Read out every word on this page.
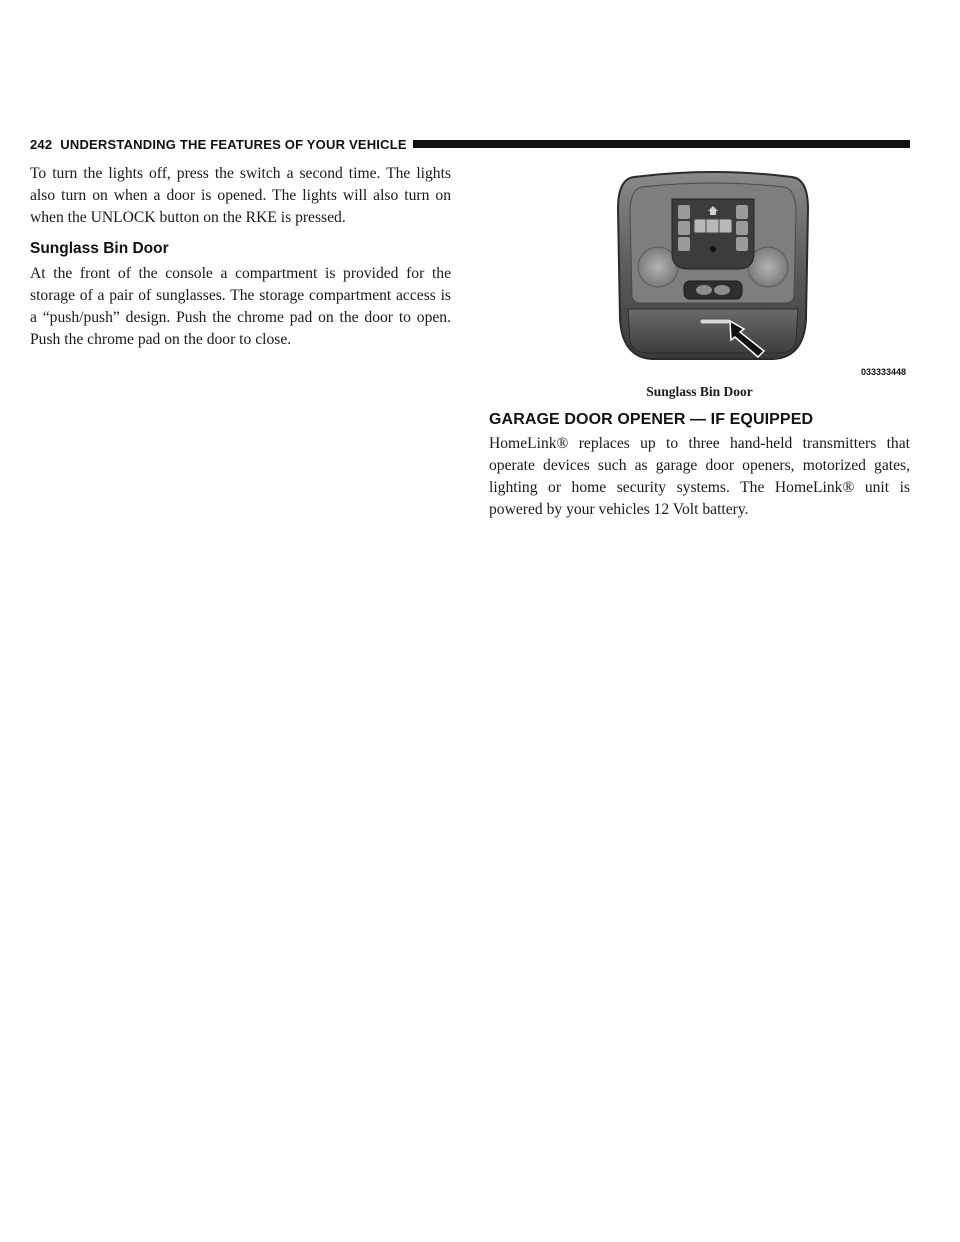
242 UNDERSTANDING THE FEATURES OF YOUR VEHICLE

To turn the lights off, press the switch a second time. The lights also turn on when a door is opened. The lights will also turn on when the UNLOCK button on the RKE is pressed.

Sunglass Bin Door

At the front of the console a compartment is provided for the storage of a pair of sunglasses. The storage compartment access is a “push/push” design. Push the chrome pad on the door to open. Push the chrome pad on the door to close.

033333448

Sunglass Bin Door

GARAGE DOOR OPENER — IF EQUIPPED

HomeLink® replaces up to three hand-held transmitters that operate devices such as garage door openers, motorized gates, lighting or home security systems. The HomeLink® unit is powered by your vehicles 12 Volt battery.
